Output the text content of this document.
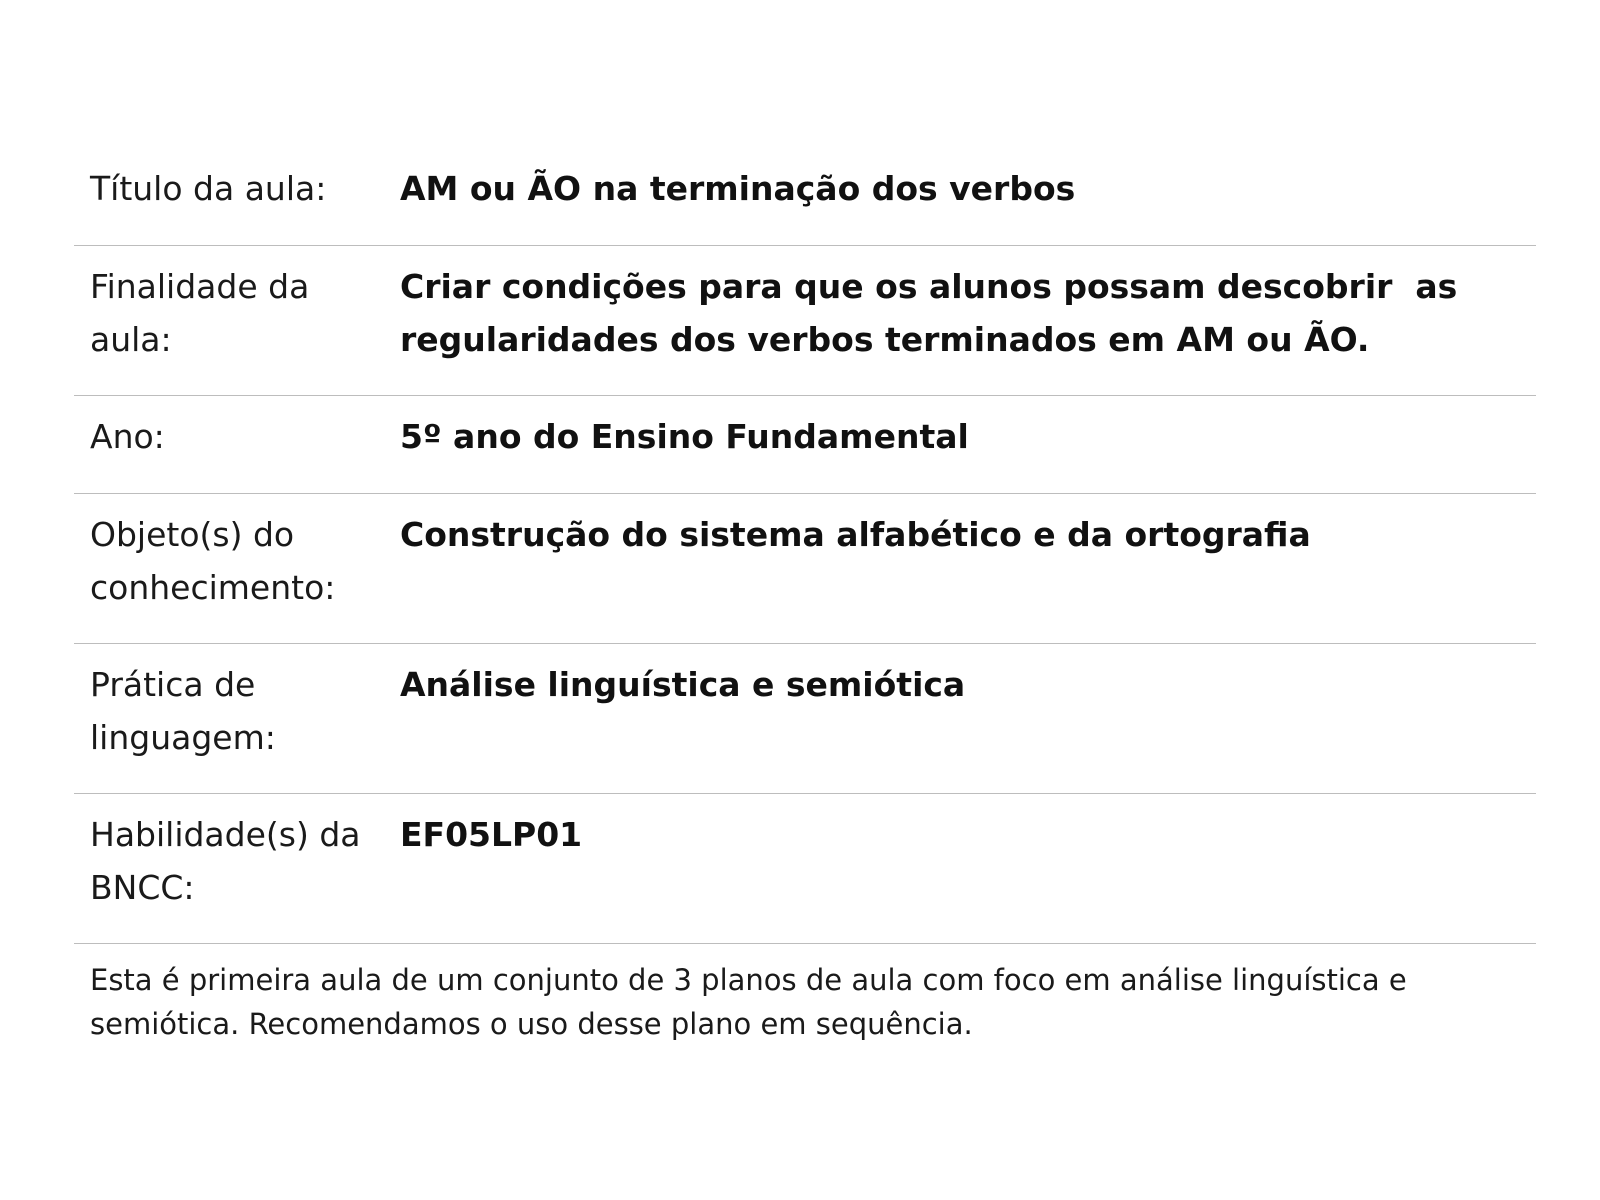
Título da aula:	AM ou ÃO na terminação dos verbos
Finalidade da aula:
Criar condições para que os alunos possam descobrir  as regularidades dos verbos terminados em AM ou ÃO.
Ano:	5º ano do Ensino Fundamental
Objeto(s) do conhecimento:
Construção do sistema alfabético e da ortografia
Prática de linguagem:
Análise linguística e semiótica
Habilidade(s) da BNCC:
EF05LP01
Esta é primeira aula de um conjunto de 3 planos de aula com foco em análise linguística e semiótica. Recomendamos o uso desse plano em sequência.
